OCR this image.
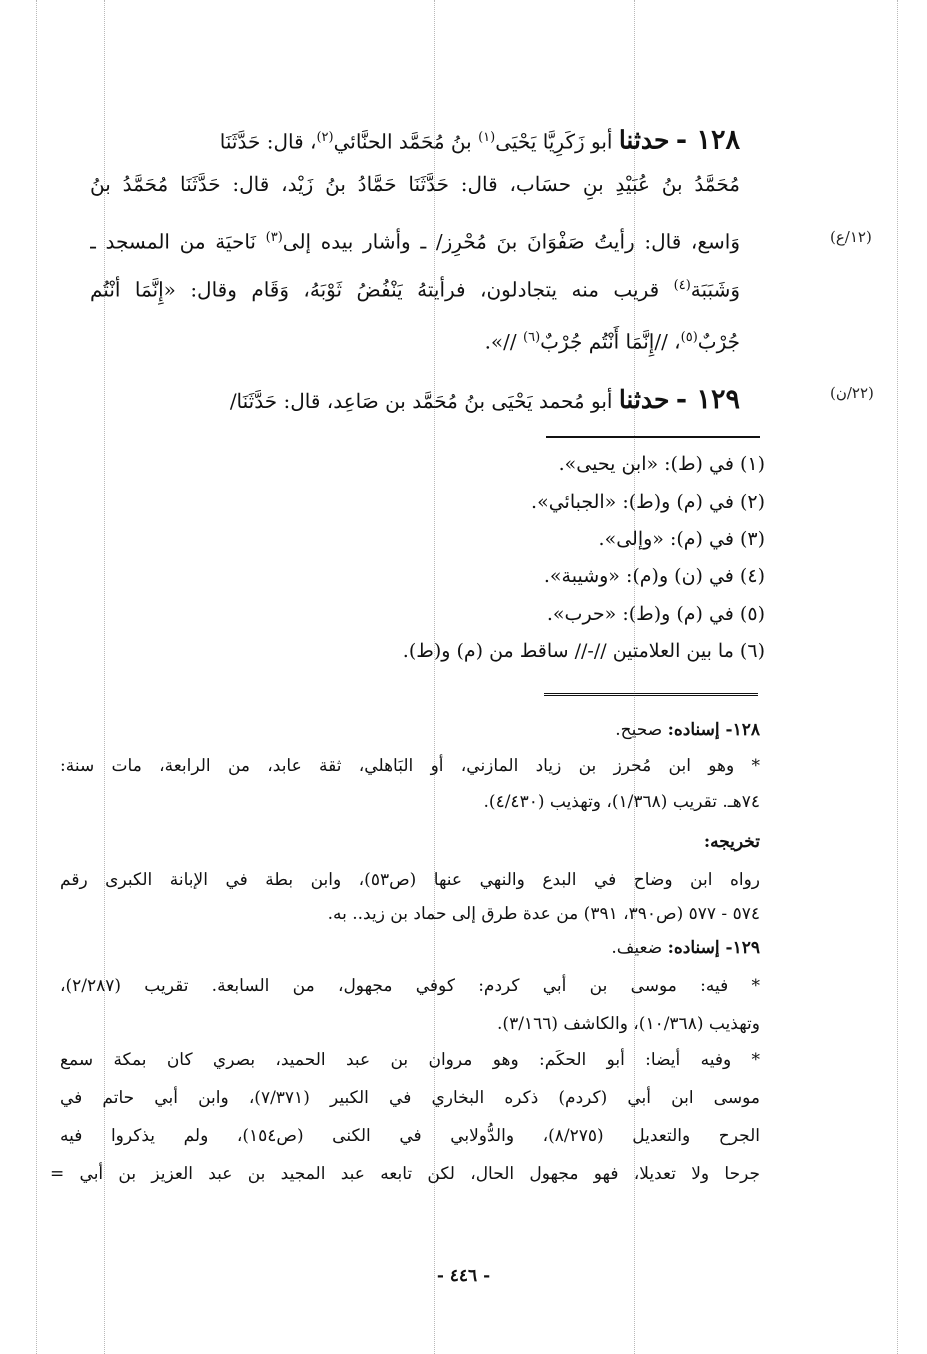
(١٢/ع)
(٢٢/ن)
١٢٨ - حدثنا أبو زَكَرِيَّا يَحْيَى$^{(١)}$ بنُ مُحَمَّد الحنَّائي$^{(٢)}$، قال: حَدَّثَنَا
مُحَمَّدُ بنُ عُبَيْدِ بنِ حسَاب، قال: حَدَّثَنَا حَمَّادُ بنُ زَيْد، قال: حَدَّثَنَا مُحَمَّدُ بنُ
وَاسع، قال: رأيتُ صَفْوَانَ بنَ مُحْرِز/ ـ وأشار بيده إلى$^{(٣)}$ نَاحيَة من المسجد ـ
وَشَبَبَة$^{(٤)}$ قريب منه يتجادلون، فرأيتهُ يَنْفُضُ ثَوْبَهُ، وَقَام وقال: «إِنَّمَا أنْتُم
جُرْبٌ$^{(٥)}$، //إِنَّمَا أَنْتُم جُرْبٌ$^{(٦)}$ //».
١٢٩ - حدثنا أبو مُحمد يَحْيَى بنُ مُحَمَّد بن صَاعِد، قال: حَدَّثَنَا/
(١) في (ط): «ابن يحيى».
(٢) في (م) و(ط): «الجبائي».
(٣) في (م): «وإلى».
(٤) في (ن) و(م): «وشيبة».
(٥) في (م) و(ط): «حرب».
(٦) ما بين العلامتين //-// ساقط من (م) و(ط).
١٢٨- إسناده: صحيح.
* وهو ابن مُحرز بن زياد المازني، أو البَاهلي، ثقة عابد، من الرابعة، مات سنة:
٧٤هـ. تقريب (١/٣٦٨)، وتهذيب (٤/٤٣٠).
تخريجه:
رواه ابن وضاح في البدع والنهي عنها (ص٥٣)، وابن بطة في الإبانة الكبرى رقم
٥٧٤ - ٥٧٧ (ص٣٩٠، ٣٩١) من عدة طرق إلى حماد بن زيد.. به.
١٢٩- إسناده: ضعيف.
* فيه: موسى بن أبي كردم: كوفي مجهول، من السابعة. تقريب (٢/٢٨٧)،
وتهذيب (١٠/٣٦٨)، والكاشف (٣/١٦٦).
* وفيه أيضا: أبو الحكَم: وهو مروان بن عبد الحميد، بصري كان بمكة سمع
موسى ابن أبي (كردم) ذكره البخاري في الكبير (٧/٣٧١)، وابن أبي حاتم في
الجرح والتعديل (٨/٢٧٥)، والدُّولابي في الكنى (ص١٥٤)، ولم يذكروا فيه
جرحا ولا تعديلا، فهو مجهول الحال، لكن تابعه عبد المجيد بن عبد العزيز بن أبي =
- ٤٤٦ -
